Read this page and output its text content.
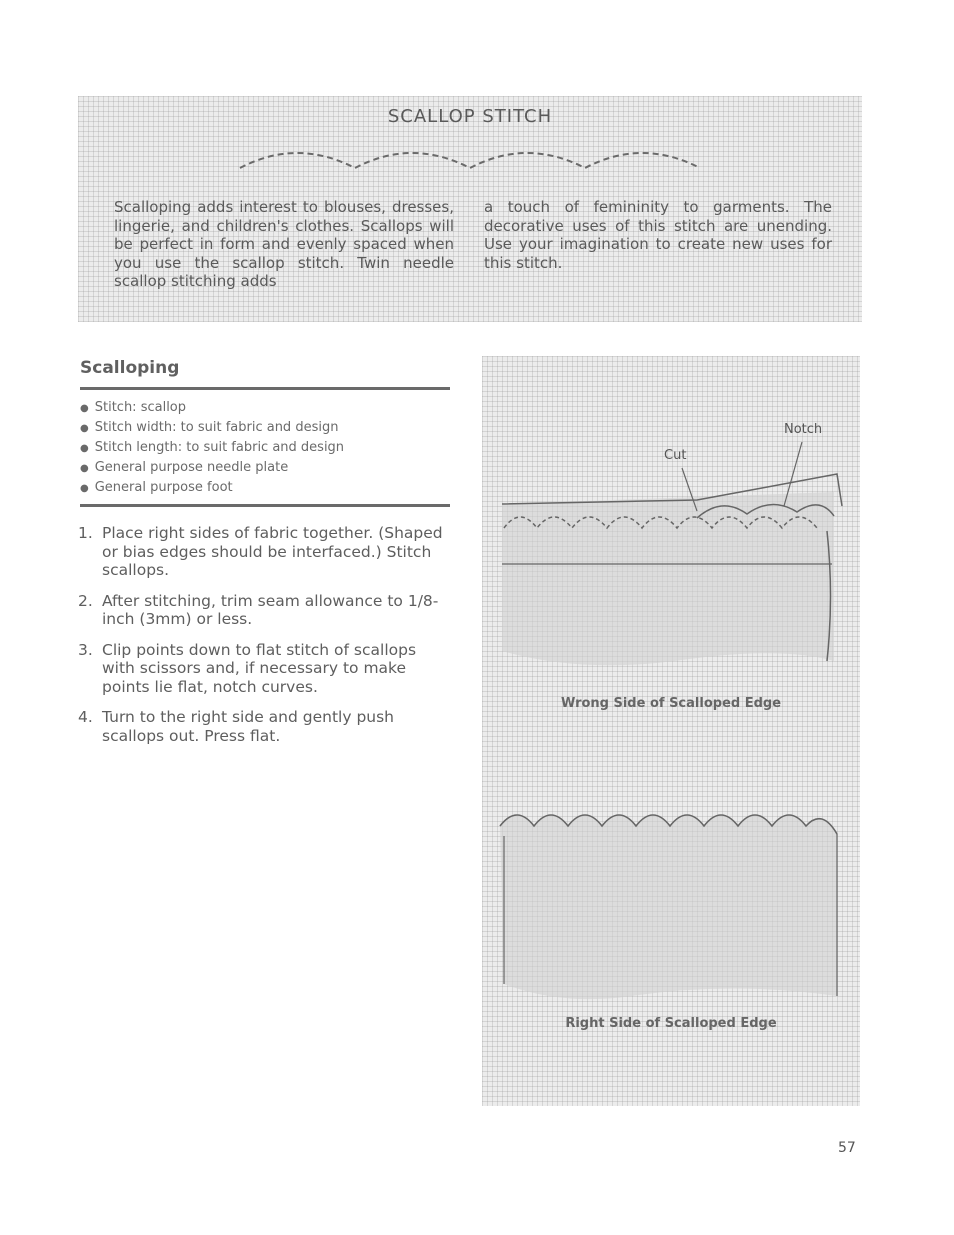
SCALLOP STITCH
Scalloping adds interest to blouses, dresses, lingerie, and children's clothes. Scallops will be perfect in form and evenly spaced when you use the scallop stitch. Twin needle scallop stitching adds
a touch of femininity to garments. The decorative uses of this stitch are unending. Use your imagination to create new uses for this stitch.
Scalloping
● Stitch: scallop
● Stitch width: to suit fabric and design
● Stitch length: to suit fabric and design
● General purpose needle plate
● General purpose foot
1. Place right sides of fabric together. (Shaped or bias edges should be interfaced.) Stitch scallops.
2. After stitching, trim seam allowance to 1/8-inch (3mm) or less.
3. Clip points down to flat stitch of scallops with scissors and, if necessary to make points lie flat, notch curves.
4. Turn to the right side and gently push scallops out. Press flat.
Cut
Notch
Wrong Side of Scalloped Edge
Right Side of Scalloped Edge
57
